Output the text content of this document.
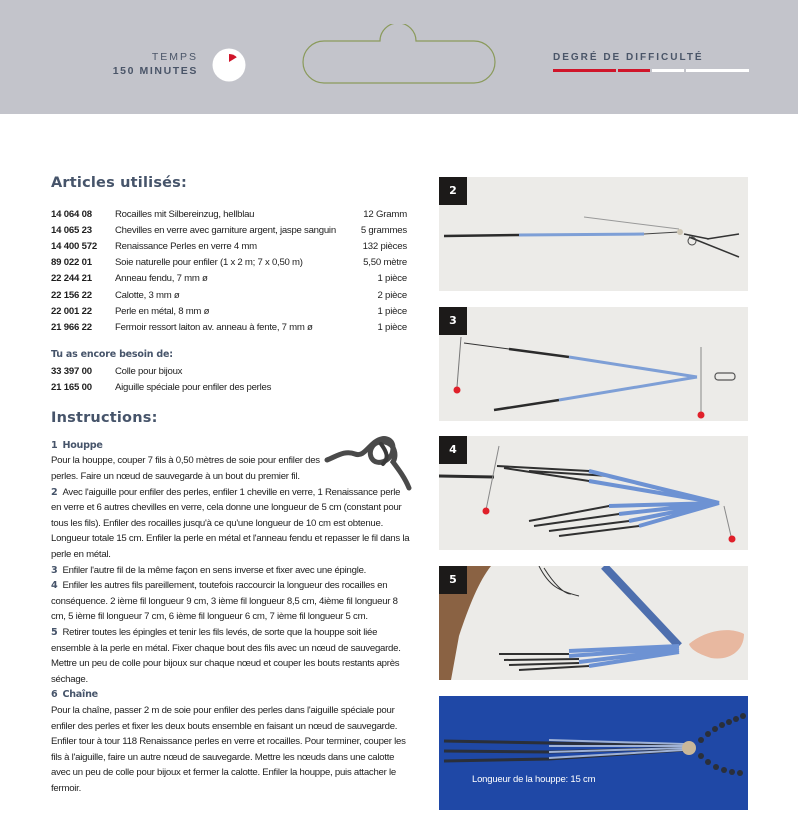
TEMPS
150 MINUTES
DEGRÉ DE DIFFICULTÉ
Articles utilisés:
14 064 08	Rocailles mit Silbereinzug, hellblau	12 Gramm
14 065 23	Chevilles en verre avec garniture argent, jaspe sanguin	5 grammes
14 400 572	Renaissance Perles en verre 4 mm	132 pièces
89 022 01	Soie naturelle pour enfiler (1 x 2 m; 7 x 0,50 m)	5,50 mètre
22 244 21	Anneau fendu, 7 mm ø	1 pièce
22 156 22	Calotte, 3 mm ø	2 pièce
22 001 22	Perle en métal, 8 mm ø	1 pièce
21 966 22	Fermoir ressort laiton av. anneau à fente, 7 mm ø	1 pièce
Tu as encore besoin de:
33 397 00	Colle pour bijoux
21 165 00	Aiguille spéciale pour enfiler des perles
Instructions:
1 Houppe
Pour la houppe, couper 7 fils à 0,50 mètres de soie pour enfiler des perles. Faire un nœud de sauvegarde à un bout du premier fil.
2 Avec l'aiguille pour enfiler des perles, enfiler 1 cheville en verre, 1 Renaissance perle en verre et 6 autres chevilles en verre, cela donne une longueur de 5 cm (constant pour tous les fils). Enfiler des rocailles jusqu'à ce qu'une longueur de 10 cm est obtenue. Longueur totale 15 cm. Enfiler la perle en métal et l'anneau fendu et repasser le fil dans la perle en métal.
3 Enfiler l'autre fil de la même façon en sens inverse et fixer avec une épingle.
4 Enfiler les autres fils pareillement, toutefois raccourcir la longueur des rocailles en conséquence. 2 ième fil longueur 9 cm, 3 ième fil longueur 8,5 cm, 4ième fil longueur 8 cm, 5 ième fil longueur 7 cm, 6 ième fil longueur 6 cm, 7 ième fil longueur 5 cm.
5 Retirer toutes les épingles et tenir les fils levés, de sorte que la houppe soit liée ensemble à la perle en métal. Fixer chaque bout des fils avec un nœud de sauvegarde. Mettre un peu de colle pour bijoux sur chaque nœud et couper les bouts restants après séchage.
6 Chaîne
Pour la chaîne, passer 2 m de soie pour enfiler des perles dans l'aiguille spéciale pour enfiler des perles et fixer les deux bouts ensemble en faisant un nœud de sauvegarde. Enfiler tour à tour 118 Renaissance perles en verre et rocailles. Pour terminer, couper les fils à l'aiguille, faire un autre nœud de sauvegarde. Mettre les nœuds dans une calotte avec un peu de colle pour bijoux et fermer la calotte. Enfiler la houppe, puis attacher le fermoir.
2
3
4
5
Longueur de la houppe: 15 cm
